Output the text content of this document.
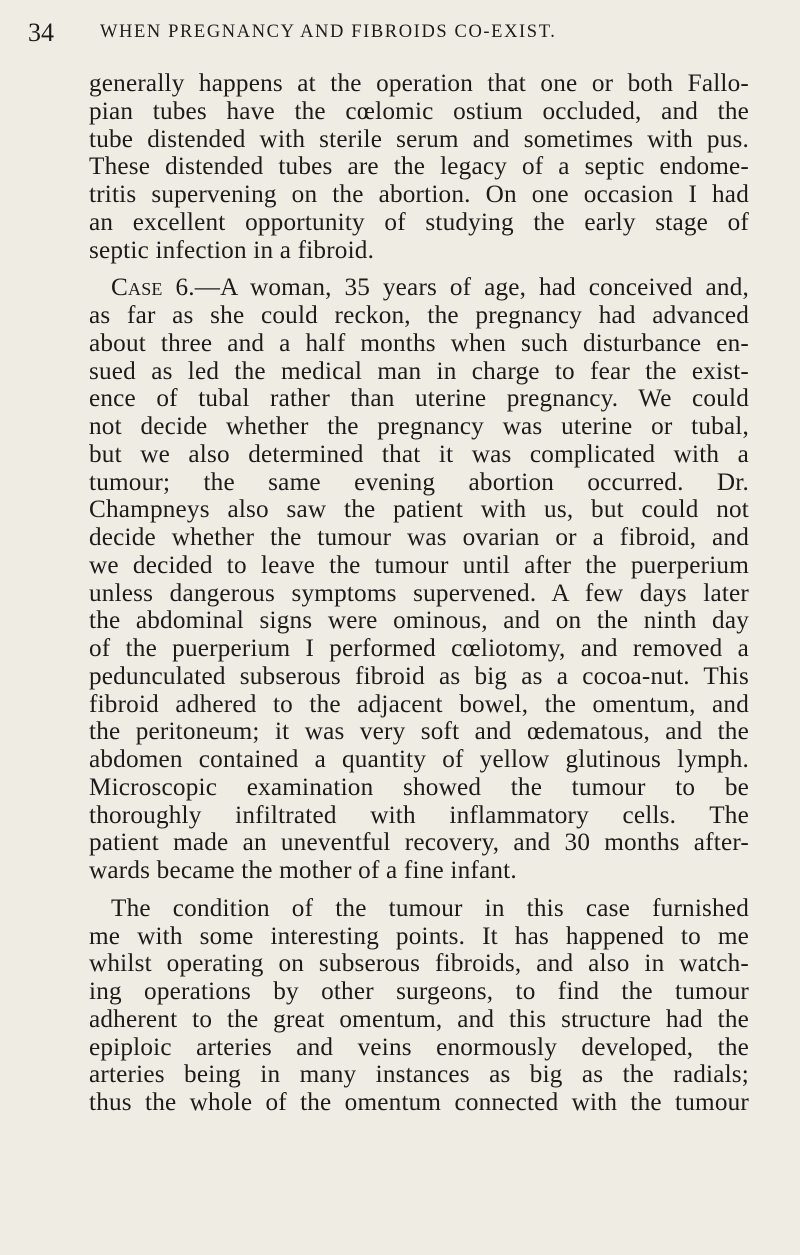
34 WHEN PREGNANCY AND FIBROIDS CO-EXIST.
generally happens at the operation that one or both Fallo-
pian tubes have the cœlomic ostium occluded, and the
tube distended with sterile serum and sometimes with pus.
These distended tubes are the legacy of a septic endome-
tritis supervening on the abortion. On one occasion I had
an excellent opportunity of studying the early stage of
septic infection in a fibroid.
Case 6.—A woman, 35 years of age, had conceived and,
as far as she could reckon, the pregnancy had advanced
about three and a half months when such disturbance en-
sued as led the medical man in charge to fear the exist-
ence of tubal rather than uterine pregnancy. We could
not decide whether the pregnancy was uterine or tubal,
but we also determined that it was complicated with a
tumour; the same evening abortion occurred. Dr.
Champneys also saw the patient with us, but could not
decide whether the tumour was ovarian or a fibroid, and
we decided to leave the tumour until after the puerperium
unless dangerous symptoms supervened. A few days later
the abdominal signs were ominous, and on the ninth day
of the puerperium I performed cœliotomy, and removed a
pedunculated subserous fibroid as big as a cocoa-nut. This
fibroid adhered to the adjacent bowel, the omentum, and
the peritoneum; it was very soft and œdematous, and the
abdomen contained a quantity of yellow glutinous lymph.
Microscopic examination showed the tumour to be
thoroughly infiltrated with inflammatory cells. The
patient made an uneventful recovery, and 30 months after-
wards became the mother of a fine infant.
The condition of the tumour in this case furnished
me with some interesting points. It has happened to me
whilst operating on subserous fibroids, and also in watch-
ing operations by other surgeons, to find the tumour
adherent to the great omentum, and this structure had the
epiploic arteries and veins enormously developed, the
arteries being in many instances as big as the radials;
thus the whole of the omentum connected with the tumour
